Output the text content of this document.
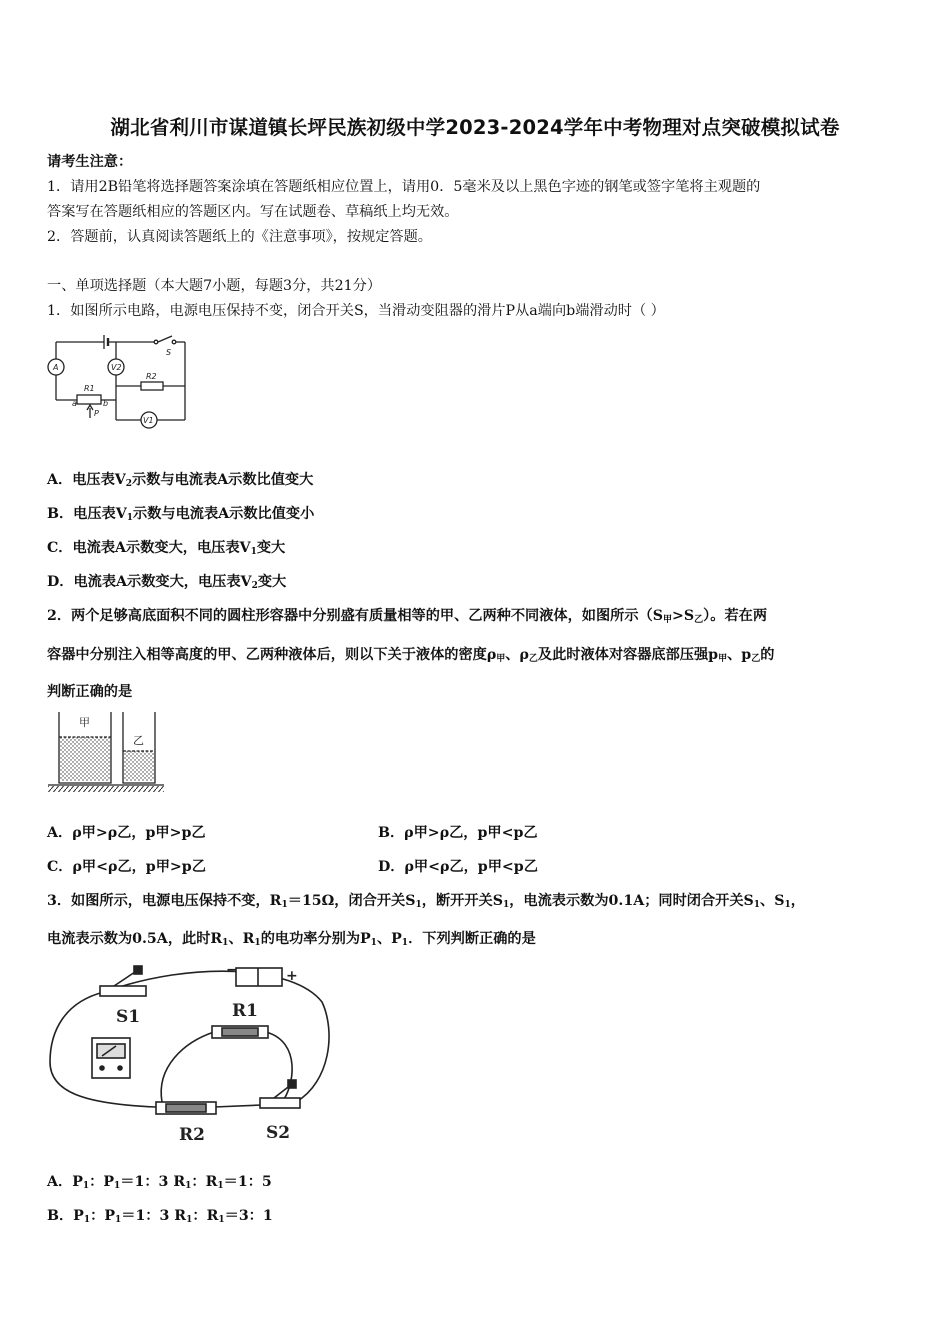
湖北省利川市谋道镇长坪民族初级中学2023-2024学年中考物理对点突破模拟试卷
请考生注意：
1．请用2B铅笔将选择题答案涂填在答题纸相应位置上，请用0．5毫米及以上黑色字迹的钢笔或签字笔将主观题的
答案写在答题纸相应的答题区内。写在试题卷、草稿纸上均无效。
2．答题前，认真阅读答题纸上的《注意事项》，按规定答题。
一、单项选择题（本大题7小题，每题3分，共21分）
1．如图所示电路，电源电压保持不变，闭合开关S，当滑动变阻器的滑片P从a端向b端滑动时（ ）
A	V2
S
R1
R2
P
a	b
V1
A．电压表V2示数与电流表A示数比值变大
B．电压表V1示数与电流表A示数比值变小
C．电流表A示数变大，电压表V1变大
D．电流表A示数变大，电压表V2变大
2．两个足够高底面积不同的圆柱形容器中分别盛有质量相等的甲、乙两种不同液体，如图所示（S甲>S乙）。若在两
容器中分别注入相等高度的甲、乙两种液体后，则以下关于液体的密度ρ甲、ρ乙及此时液体对容器底部压强p甲、p乙的
判断正确的是
甲
乙
A．ρ甲>ρ乙，p甲>p乙	B．ρ甲>ρ乙，p甲<p乙
C．ρ甲<ρ乙，p甲>p乙	D．ρ甲<ρ乙，p甲<p乙
3．如图所示，电源电压保持不变，R1＝15Ω，闭合开关S1，断开开关S1，电流表示数为0.1A；同时闭合开关S1、S1，
电流表示数为0.5A，此时R1、R1的电功率分别为P1、P1．下列判断正确的是
S1	R1
R2	S2
−	+
A．P1：P1＝1：3 R1：R1＝1：5
B．P1：P1＝1：3 R1：R1＝3：1
